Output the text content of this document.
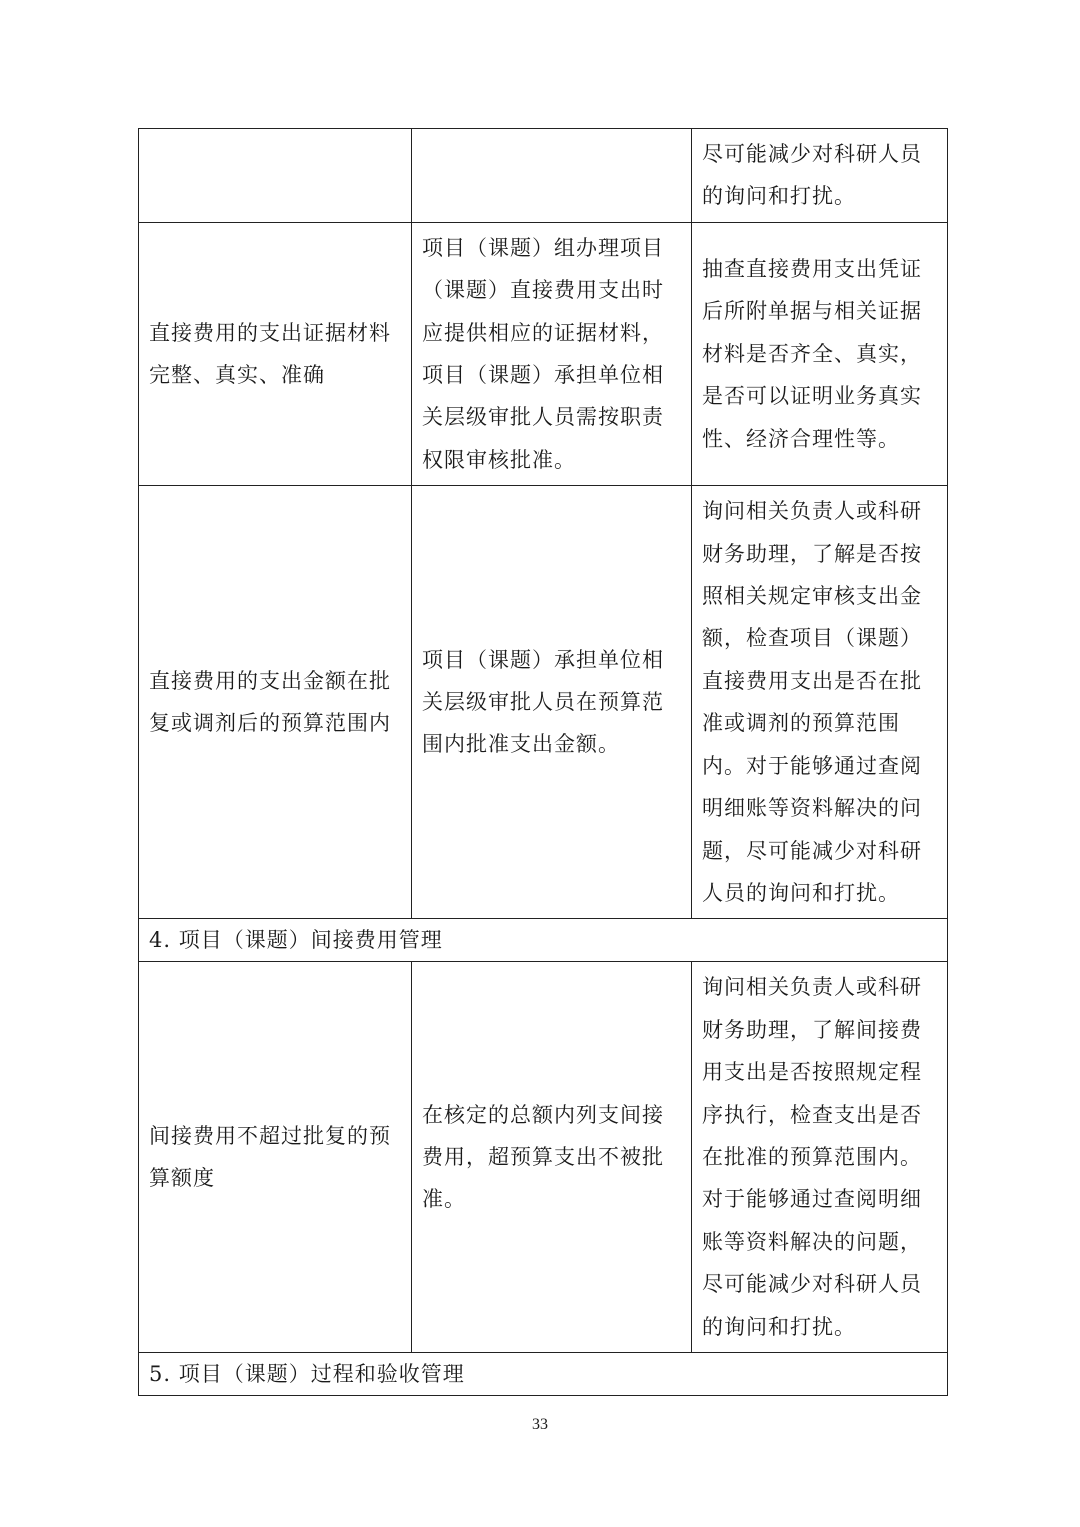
		尽可能减少对科研人员的询问和打扰。
直接费用的支出证据材料完整、真实、准确	项目（课题）组办理项目（课题）直接费用支出时应提供相应的证据材料，项目（课题）承担单位相关层级审批人员需按职责权限审核批准。	抽查直接费用支出凭证后所附单据与相关证据材料是否齐全、真实，是否可以证明业务真实性、经济合理性等。
直接费用的支出金额在批复或调剂后的预算范围内	项目（课题）承担单位相关层级审批人员在预算范围内批准支出金额。	询问相关负责人或科研财务助理，了解是否按照相关规定审核支出金额，检查项目（课题）直接费用支出是否在批准或调剂的预算范围内。对于能够通过查阅明细账等资料解决的问题，尽可能减少对科研人员的询问和打扰。
4. 项目（课题）间接费用管理		
间接费用不超过批复的预算额度	在核定的总额内列支间接费用，超预算支出不被批准。	询问相关负责人或科研财务助理，了解间接费用支出是否按照规定程序执行，检查支出是否在批准的预算范围内。对于能够通过查阅明细账等资料解决的问题，尽可能减少对科研人员的询问和打扰。
5. 项目（课题）过程和验收管理		
33
